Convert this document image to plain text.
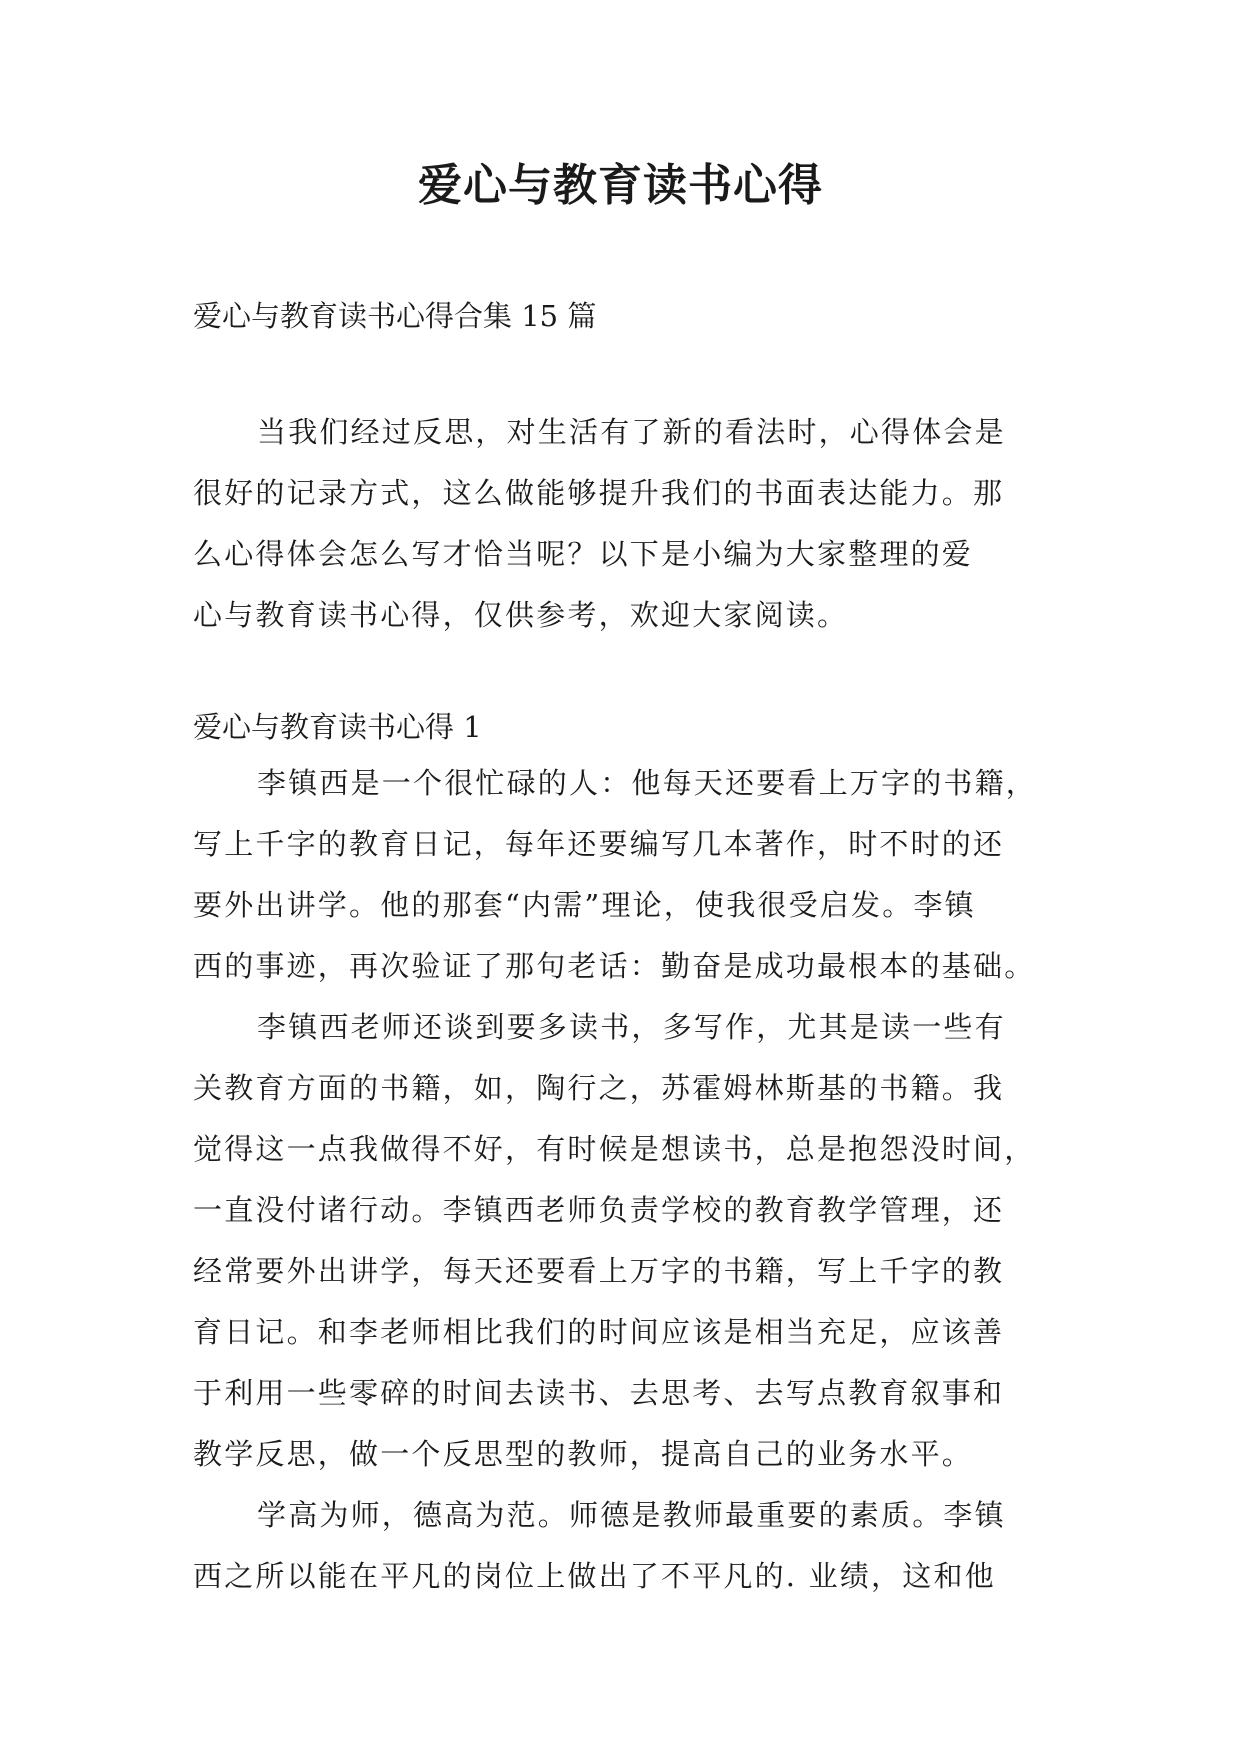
爱心与教育读书心得
爱心与教育读书心得合集 15 篇
当我们经过反思，对生活有了新的看法时，心得体会是
很好的记录方式，这么做能够提升我们的书面表达能力。那
么心得体会怎么写才恰当呢？以下是小编为大家整理的爱
心与教育读书心得，仅供参考，欢迎大家阅读。
爱心与教育读书心得 1
李镇西是一个很忙碌的人：他每天还要看上万字的书籍，
写上千字的教育日记，每年还要编写几本著作，时不时的还
要外出讲学。他的那套“内需”理论，使我很受启发。李镇
西的事迹，再次验证了那句老话：勤奋是成功最根本的基础。
李镇西老师还谈到要多读书，多写作，尤其是读一些有
关教育方面的书籍，如，陶行之，苏霍姆林斯基的书籍。我
觉得这一点我做得不好，有时候是想读书，总是抱怨没时间，
一直没付诸行动。李镇西老师负责学校的教育教学管理，还
经常要外出讲学，每天还要看上万字的书籍，写上千字的教
育日记。和李老师相比我们的时间应该是相当充足，应该善
于利用一些零碎的时间去读书、去思考、去写点教育叙事和
教学反思，做一个反思型的教师，提高自己的业务水平。
学高为师，德高为范。师德是教师最重要的素质。李镇
西之所以能在平凡的岗位上做出了不平凡的. 业绩，这和他
